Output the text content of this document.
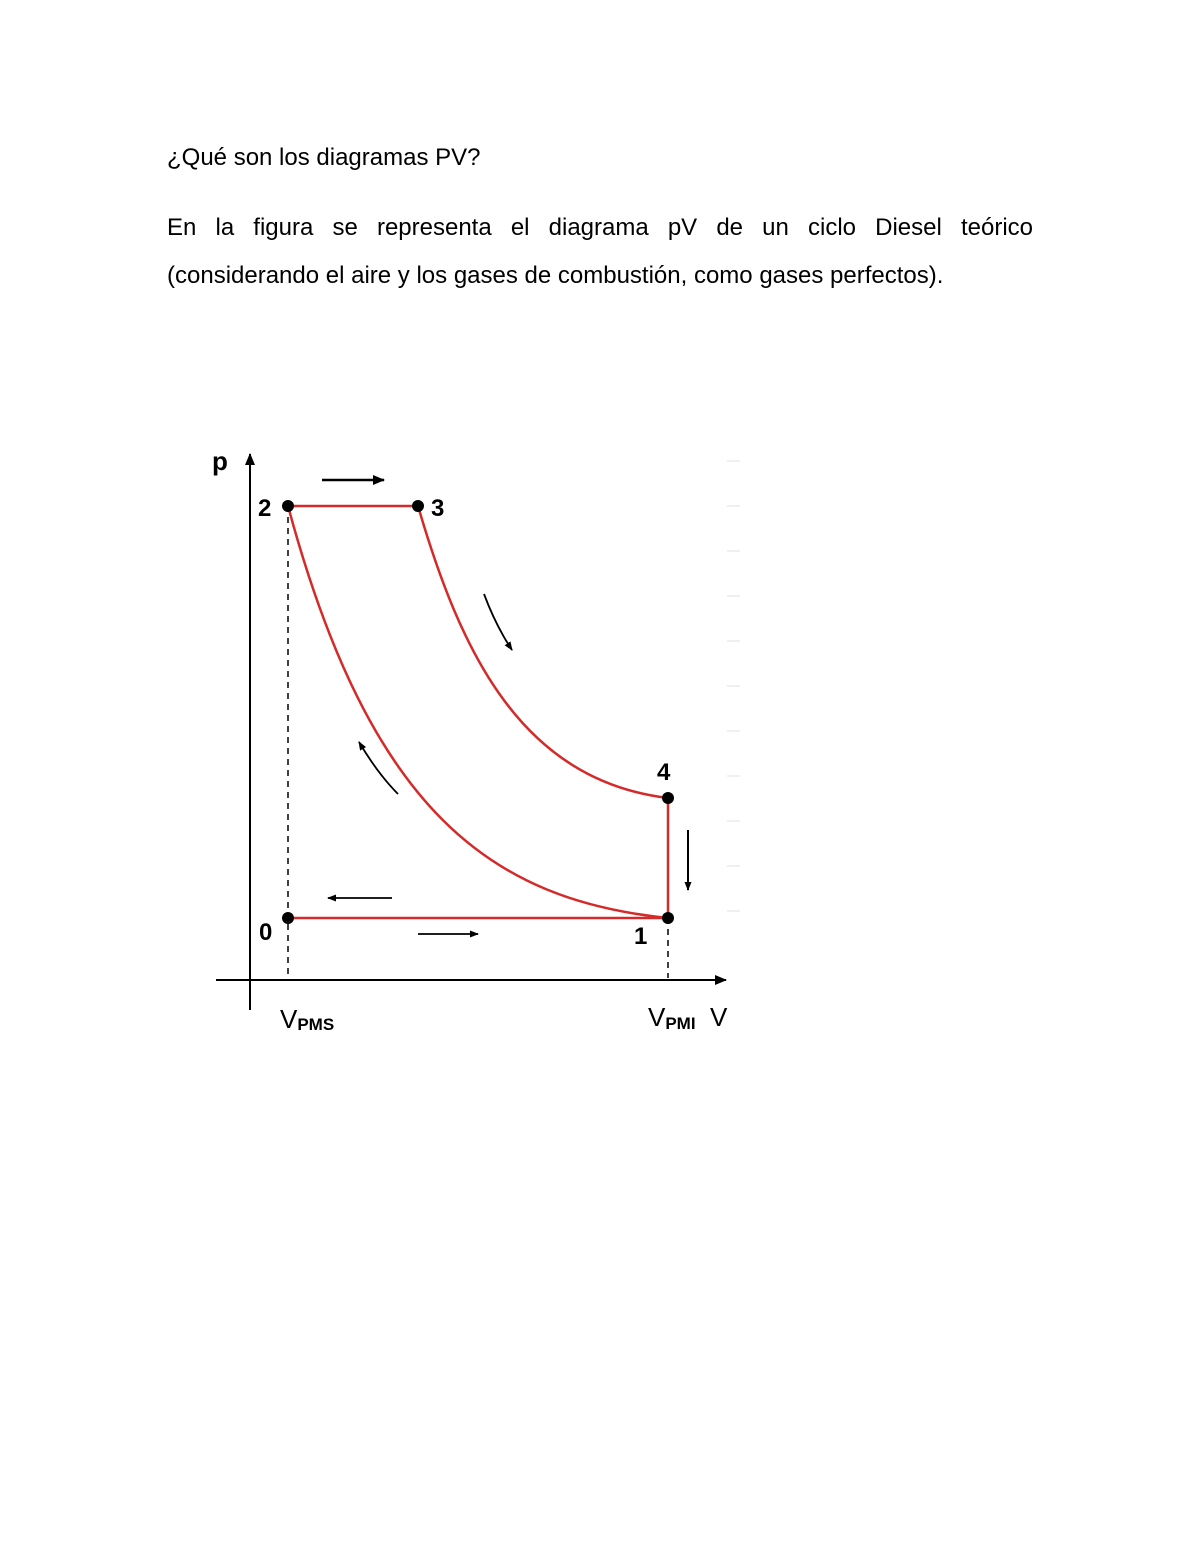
¿Qué son los diagramas PV?

En la figura se representa el diagrama pV de un ciclo Diesel teórico (considerando el aire y los gases de combustión, como gases perfectos).

0	1
2	3
4
p
V
VPMS	VPMI
